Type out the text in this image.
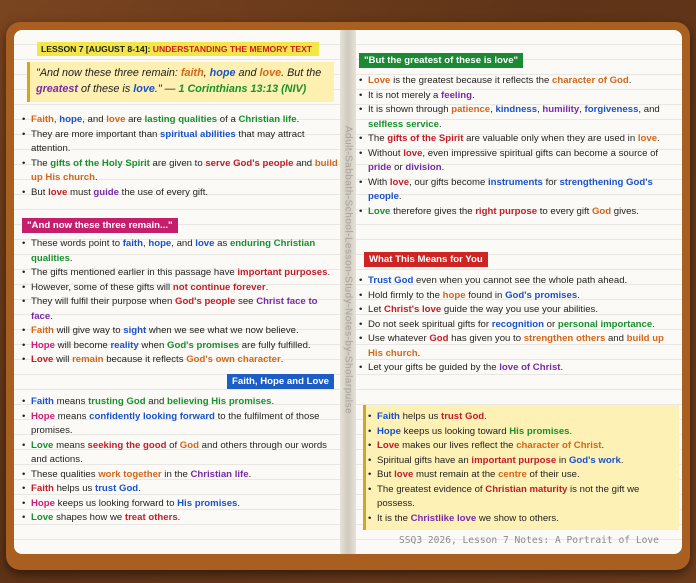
Adult-Sabbath-School-Lesson-Study-Notes-by-Sholarpulse
LESSON 7 [AUGUST 8-14]: UNDERSTANDING THE MEMORY TEXT
"And now these three remain: faith, hope and love. But the greatest of these is love." — 1 Corinthians 13:13 (NIV)
• Faith, hope, and love are lasting qualities of a Christian life.
• They are more important than spiritual abilities that may attract attention.
• The gifts of the Holy Spirit are given to serve God's people and build up His church.
• But love must guide the use of every gift.
"And now these three remain..."
• These words point to faith, hope, and love as enduring Christian qualities.
• The gifts mentioned earlier in this passage have important purposes.
• However, some of these gifts will not continue forever.
• They will fulfil their purpose when God's people see Christ face to face.
• Faith will give way to sight when we see what we now believe.
• Hope will become reality when God's promises are fully fulfilled.
• Love will remain because it reflects God's own character.
Faith, Hope and Love
• Faith means trusting God and believing His promises.
• Hope means confidently looking forward to the fulfilment of those promises.
• Love means seeking the good of God and others through our words and actions.
• These qualities work together in the Christian life.
• Faith helps us trust God.
• Hope keeps us looking forward to His promises.
• Love shapes how we treat others.
"But the greatest of these is love"
• Love is the greatest because it reflects the character of God.
• It is not merely a feeling.
• It is shown through patience, kindness, humility, forgiveness, and selfless service.
• The gifts of the Spirit are valuable only when they are used in love.
• Without love, even impressive spiritual gifts can become a source of pride or division.
• With love, our gifts become instruments for strengthening God's people.
• Love therefore gives the right purpose to every gift God gives.
What This Means for You
• Trust God even when you cannot see the whole path ahead.
• Hold firmly to the hope found in God's promises.
• Let Christ's love guide the way you use your abilities.
• Do not seek spiritual gifts for recognition or personal importance.
• Use whatever God has given you to strengthen others and build up His church.
• Let your gifts be guided by the love of Christ.
• Faith helps us trust God.
• Hope keeps us looking toward His promises.
• Love makes our lives reflect the character of Christ.
• Spiritual gifts have an important purpose in God's work.
• But love must remain at the centre of their use.
• The greatest evidence of Christian maturity is not the gift we possess.
• It is the Christlike love we show to others.
SSQ3 2026, Lesson 7 Notes: A Portrait of Love
